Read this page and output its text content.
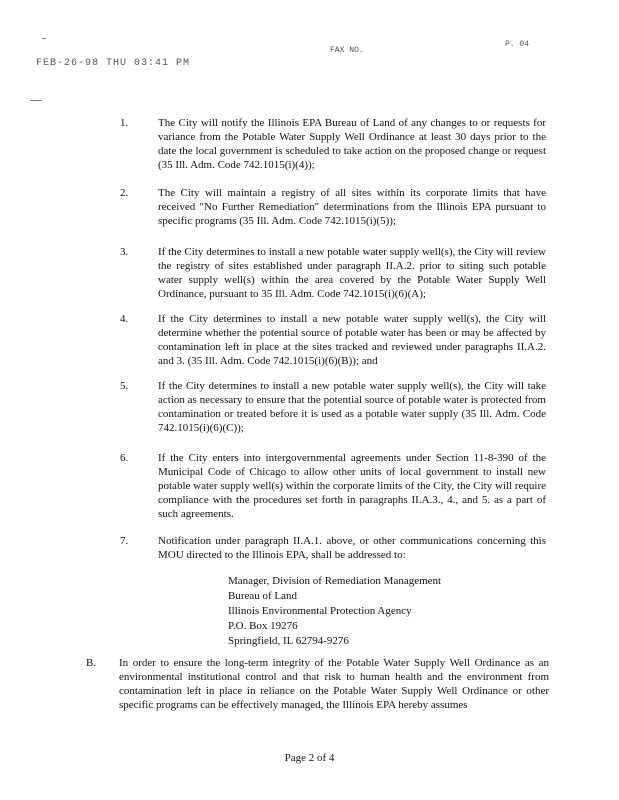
FEB-26-98 THU 03:41 PM
FAX NO.
P. 04
1.	The City will notify the Illinois EPA Bureau of Land of any changes to or requests for variance from the Potable Water Supply Well Ordinance at least 30 days prior to the date the local government is scheduled to take action on the proposed change or request (35 Ill. Adm. Code 742.1015(i)(4));
2.	The City will maintain a registry of all sites within its corporate limits that have received "No Further Remediation" determinations from the Illinois EPA pursuant to specific programs (35 Ill. Adm. Code 742.1015(i)(5));
3.	If the City determines to install a new potable water supply well(s), the City will review the registry of sites established under paragraph II.A.2. prior to siting such potable water supply well(s) within the area covered by the Potable Water Supply Well Ordinance, pursuant to 35 Ill. Adm. Code 742.1015(i)(6)(A);
4.	If the City determines to install a new potable water supply well(s), the City will determine whether the potential source of potable water has been or may be affected by contamination left in place at the sites tracked and reviewed under paragraphs II.A.2. and 3. (35 Ill. Adm. Code 742.1015(i)(6)(B)); and
5.	If the City determines to install a new potable water supply well(s), the City will take action as necessary to ensure that the potential source of potable water is protected from contamination or treated before it is used as a potable water supply (35 Ill. Adm. Code 742.1015(i)(6)(C));
6.	If the City enters into intergovernmental agreements under Section 11-8-390 of the Municipal Code of Chicago to allow other units of local government to install new potable water supply well(s) within the corporate limits of the City, the City will require compliance with the procedures set forth in paragraphs II.A.3., 4., and 5. as a part of such agreements.
7.	Notification under paragraph II.A.1. above, or other communications concerning this MOU directed to the Illinois EPA, shall be addressed to:
Manager, Division of Remediation Management
Bureau of Land
Illinois Environmental Protection Agency
P.O. Box 19276
Springfield, IL 62794-9276
B. In order to ensure the long-term integrity of the Potable Water Supply Well Ordinance as an environmental institutional control and that risk to human health and the environment from contamination left in place in reliance on the Potable Water Supply Well Ordinance or other specific programs can be effectively managed, the Illinois EPA hereby assumes
Page 2 of 4
